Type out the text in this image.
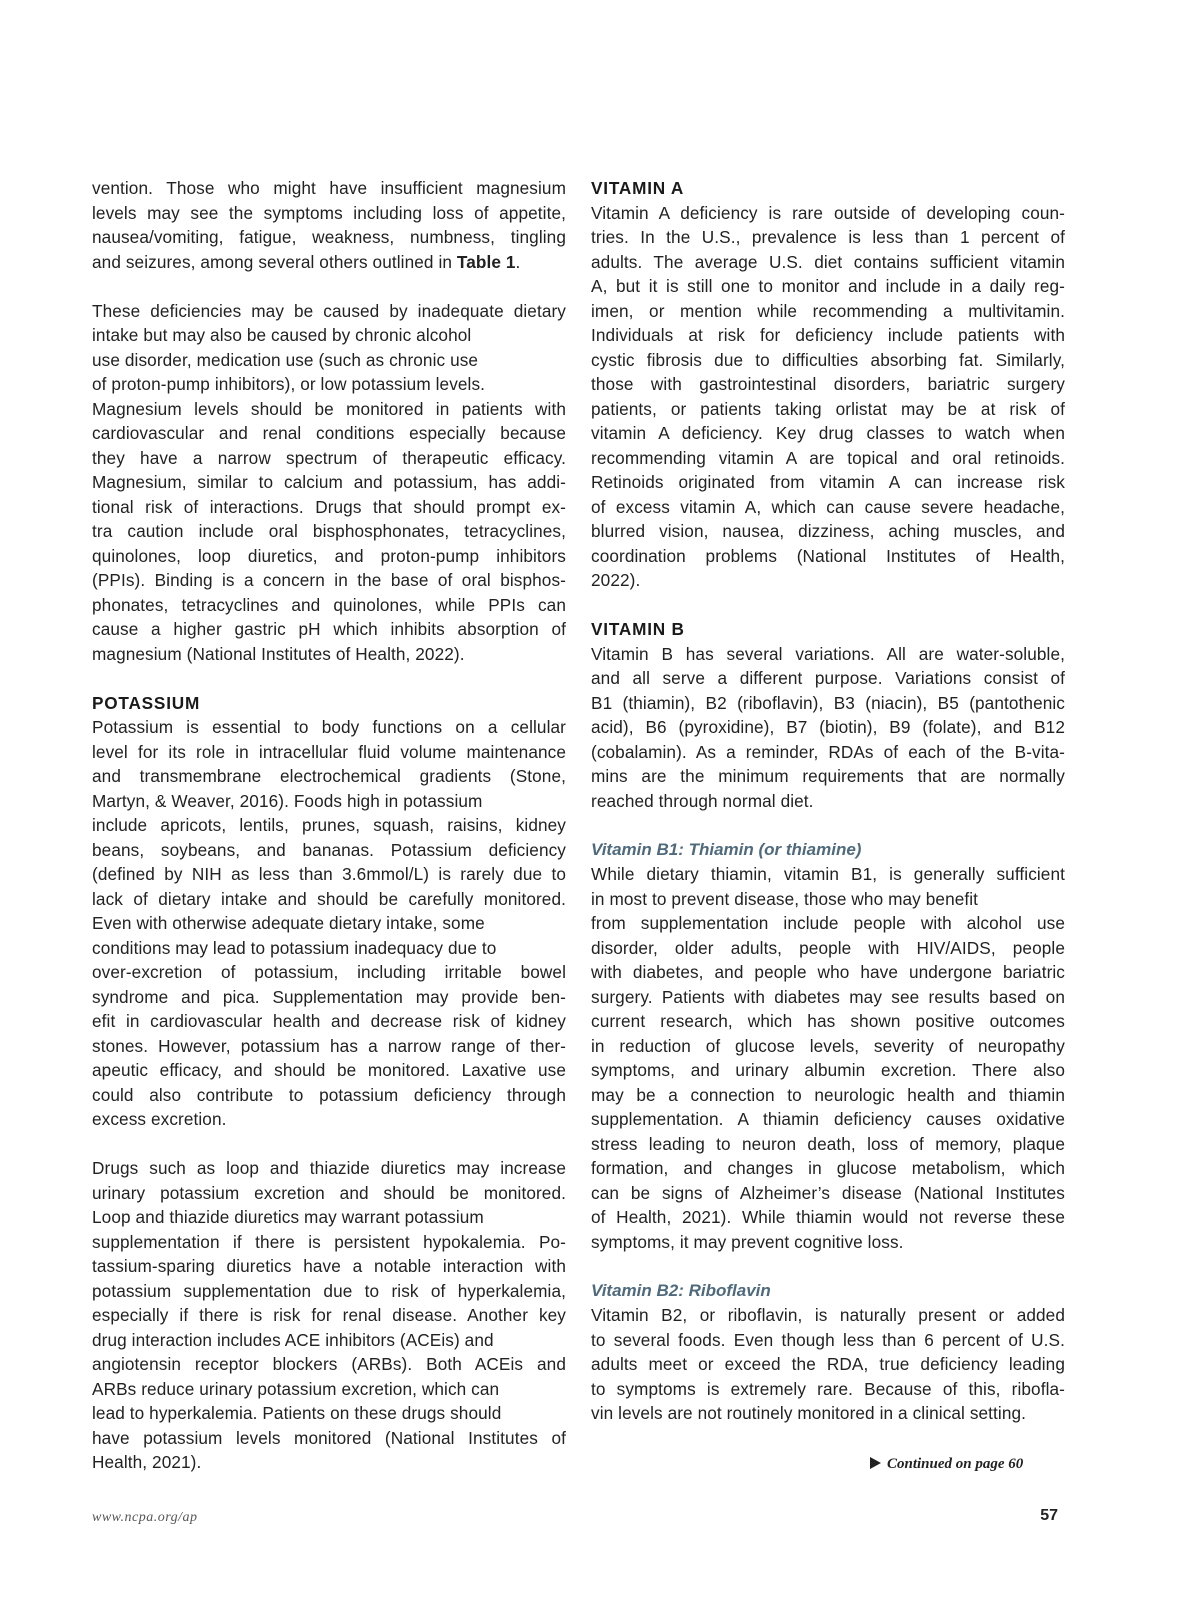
vention. Those who might have insufficient magnesium
levels may see the symptoms including loss of appetite,
nausea/vomiting, fatigue, weakness, numbness, tingling
and seizures, among several others outlined in Table 1.
These deficiencies may be caused by inadequate dietary
intake but may also be caused by chronic alcohol
use disorder, medication use (such as chronic use
of proton-pump inhibitors), or low potassium levels.
Magnesium levels should be monitored in patients with
cardiovascular and renal conditions especially because
they have a narrow spectrum of therapeutic efficacy.
Magnesium, similar to calcium and potassium, has addi-
tional risk of interactions. Drugs that should prompt ex-
tra caution include oral bisphosphonates, tetracyclines,
quinolones, loop diuretics, and proton-pump inhibitors
(PPIs). Binding is a concern in the base of oral bisphos-
phonates, tetracyclines and quinolones, while PPIs can
cause a higher gastric pH which inhibits absorption of
magnesium (National Institutes of Health, 2022).
POTASSIUM
Potassium is essential to body functions on a cellular
level for its role in intracellular fluid volume maintenance
and transmembrane electrochemical gradients (Stone,
Martyn, & Weaver, 2016). Foods high in potassium
include apricots, lentils, prunes, squash, raisins, kidney
beans, soybeans, and bananas. Potassium deficiency
(defined by NIH as less than 3.6mmol/L) is rarely due to
lack of dietary intake and should be carefully monitored.
Even with otherwise adequate dietary intake, some
conditions may lead to potassium inadequacy due to
over-excretion of potassium, including irritable bowel
syndrome and pica. Supplementation may provide ben-
efit in cardiovascular health and decrease risk of kidney
stones. However, potassium has a narrow range of ther-
apeutic efficacy, and should be monitored. Laxative use
could also contribute to potassium deficiency through
excess excretion.
Drugs such as loop and thiazide diuretics may increase
urinary potassium excretion and should be monitored.
Loop and thiazide diuretics may warrant potassium
supplementation if there is persistent hypokalemia. Po-
tassium-sparing diuretics have a notable interaction with
potassium supplementation due to risk of hyperkalemia,
especially if there is risk for renal disease. Another key
drug interaction includes ACE inhibitors (ACEis) and
angiotensin receptor blockers (ARBs). Both ACEis and
ARBs reduce urinary potassium excretion, which can
lead to hyperkalemia. Patients on these drugs should
have potassium levels monitored (National Institutes of
Health, 2021).
VITAMIN A
Vitamin A deficiency is rare outside of developing coun-
tries. In the U.S., prevalence is less than 1 percent of
adults. The average U.S. diet contains sufficient vitamin
A, but it is still one to monitor and include in a daily reg-
imen, or mention while recommending a multivitamin.
Individuals at risk for deficiency include patients with
cystic fibrosis due to difficulties absorbing fat. Similarly,
those with gastrointestinal disorders, bariatric surgery
patients, or patients taking orlistat may be at risk of
vitamin A deficiency. Key drug classes to watch when
recommending vitamin A are topical and oral retinoids.
Retinoids originated from vitamin A can increase risk
of excess vitamin A, which can cause severe headache,
blurred vision, nausea, dizziness, aching muscles, and
coordination problems (National Institutes of Health,
2022).
VITAMIN B
Vitamin B has several variations. All are water-soluble,
and all serve a different purpose. Variations consist of
B1 (thiamin), B2 (riboflavin), B3 (niacin), B5 (pantothenic
acid), B6 (pyroxidine), B7 (biotin), B9 (folate), and B12
(cobalamin). As a reminder, RDAs of each of the B-vita-
mins are the minimum requirements that are normally
reached through normal diet.
Vitamin B1: Thiamin (or thiamine)
While dietary thiamin, vitamin B1, is generally sufficient
in most to prevent disease, those who may benefit
from supplementation include people with alcohol use
disorder, older adults, people with HIV/AIDS, people
with diabetes, and people who have undergone bariatric
surgery. Patients with diabetes may see results based on
current research, which has shown positive outcomes
in reduction of glucose levels, severity of neuropathy
symptoms, and urinary albumin excretion. There also
may be a connection to neurologic health and thiamin
supplementation. A thiamin deficiency causes oxidative
stress leading to neuron death, loss of memory, plaque
formation, and changes in glucose metabolism, which
can be signs of Alzheimer’s disease (National Institutes
of Health, 2021). While thiamin would not reverse these
symptoms, it may prevent cognitive loss.
Vitamin B2: Riboflavin
Vitamin B2, or riboflavin, is naturally present or added
to several foods. Even though less than 6 percent of U.S.
adults meet or exceed the RDA, true deficiency leading
to symptoms is extremely rare. Because of this, ribofla-
vin levels are not routinely monitored in a clinical setting.
Continued on page 60
www.ncpa.org/ap	57
